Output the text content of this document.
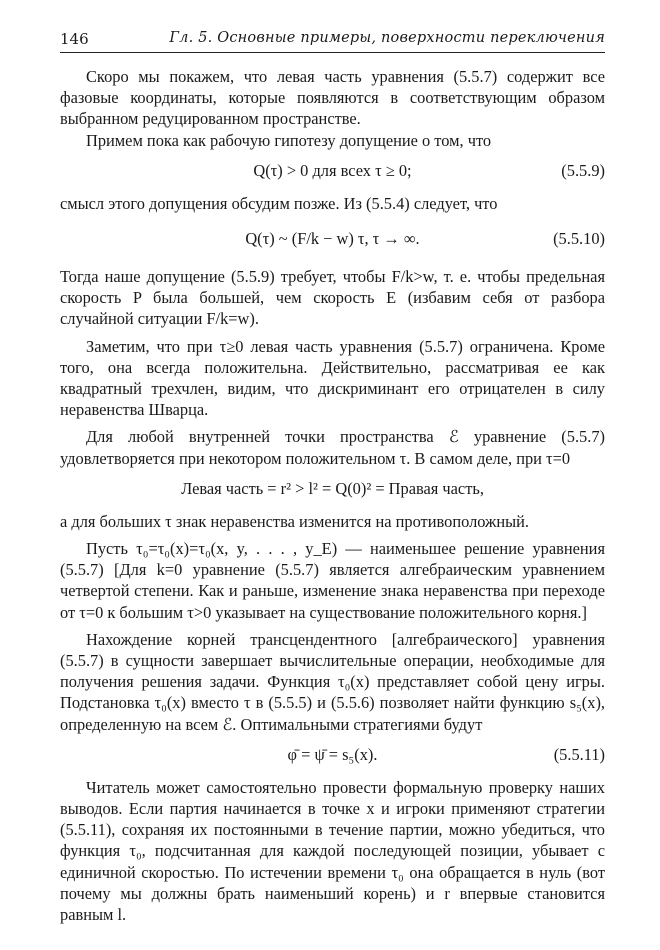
146	Гл. 5. Основные примеры, поверхности переключения

Скоро мы покажем, что левая часть уравнения (5.5.7) содержит все фазовые координаты, которые появляются в соответствующим образом выбранном редуцированном пространстве.

Примем пока как рабочую гипотезу допущение о том, что

Q(τ) > 0 для всех τ ≥ 0;	(5.5.9)

смысл этого допущения обсудим позже. Из (5.5.4) следует, что

Q(τ) ~ (F/k − w) τ, τ → ∞.	(5.5.10)

Тогда наше допущение (5.5.9) требует, чтобы F/k>w, т. е. чтобы предельная скорость P была большей, чем скорость E (избавим себя от разбора случайной ситуации F/k=w).

Заметим, что при τ≥0 левая часть уравнения (5.5.7) ограничена. Кроме того, она всегда положительна. Действительно, рассматривая ее как квадратный трехчлен, видим, что дискриминант его отрицателен в силу неравенства Шварца.

Для любой внутренней точки пространства ℰ уравнение (5.5.7) удовлетворяется при некотором положительном τ. В самом деле, при τ=0

Левая часть = r² > l² = Q(0)² = Правая часть,

а для больших τ знак неравенства изменится на противоположный.

Пусть τ₀=τ₀(x)=τ₀(x, y, . . . , y_E) — наименьшее решение уравнения (5.5.7) [Для k=0 уравнение (5.5.7) является алгебраическим уравнением четвертой степени. Как и раньше, изменение знака неравенства при переходе от τ=0 к большим τ>0 указывает на существование положительного корня.]

Нахождение корней трансцендентного [алгебраического] уравнения (5.5.7) в сущности завершает вычислительные операции, необходимые для получения решения задачи. Функция τ₀(x) представляет собой цену игры. Подстановка τ₀(x) вместо τ в (5.5.5) и (5.5.6) позволяет найти функцию s₅(x), определенную на всем ℰ. Оптимальными стратегиями будут

φ̄ = ψ̄ = s₅(x).	(5.5.11)

Читатель может самостоятельно провести формальную проверку наших выводов. Если партия начинается в точке x и игроки применяют стратегии (5.5.11), сохраняя их постоянными в течение партии, можно убедиться, что функция τ₀, подсчитанная для каждой последующей позиции, убывает с единичной скоростью. По истечении времени τ₀ она обращается в нуль (вот почему мы должны брать наименьший корень) и r впервые становится равным l.
